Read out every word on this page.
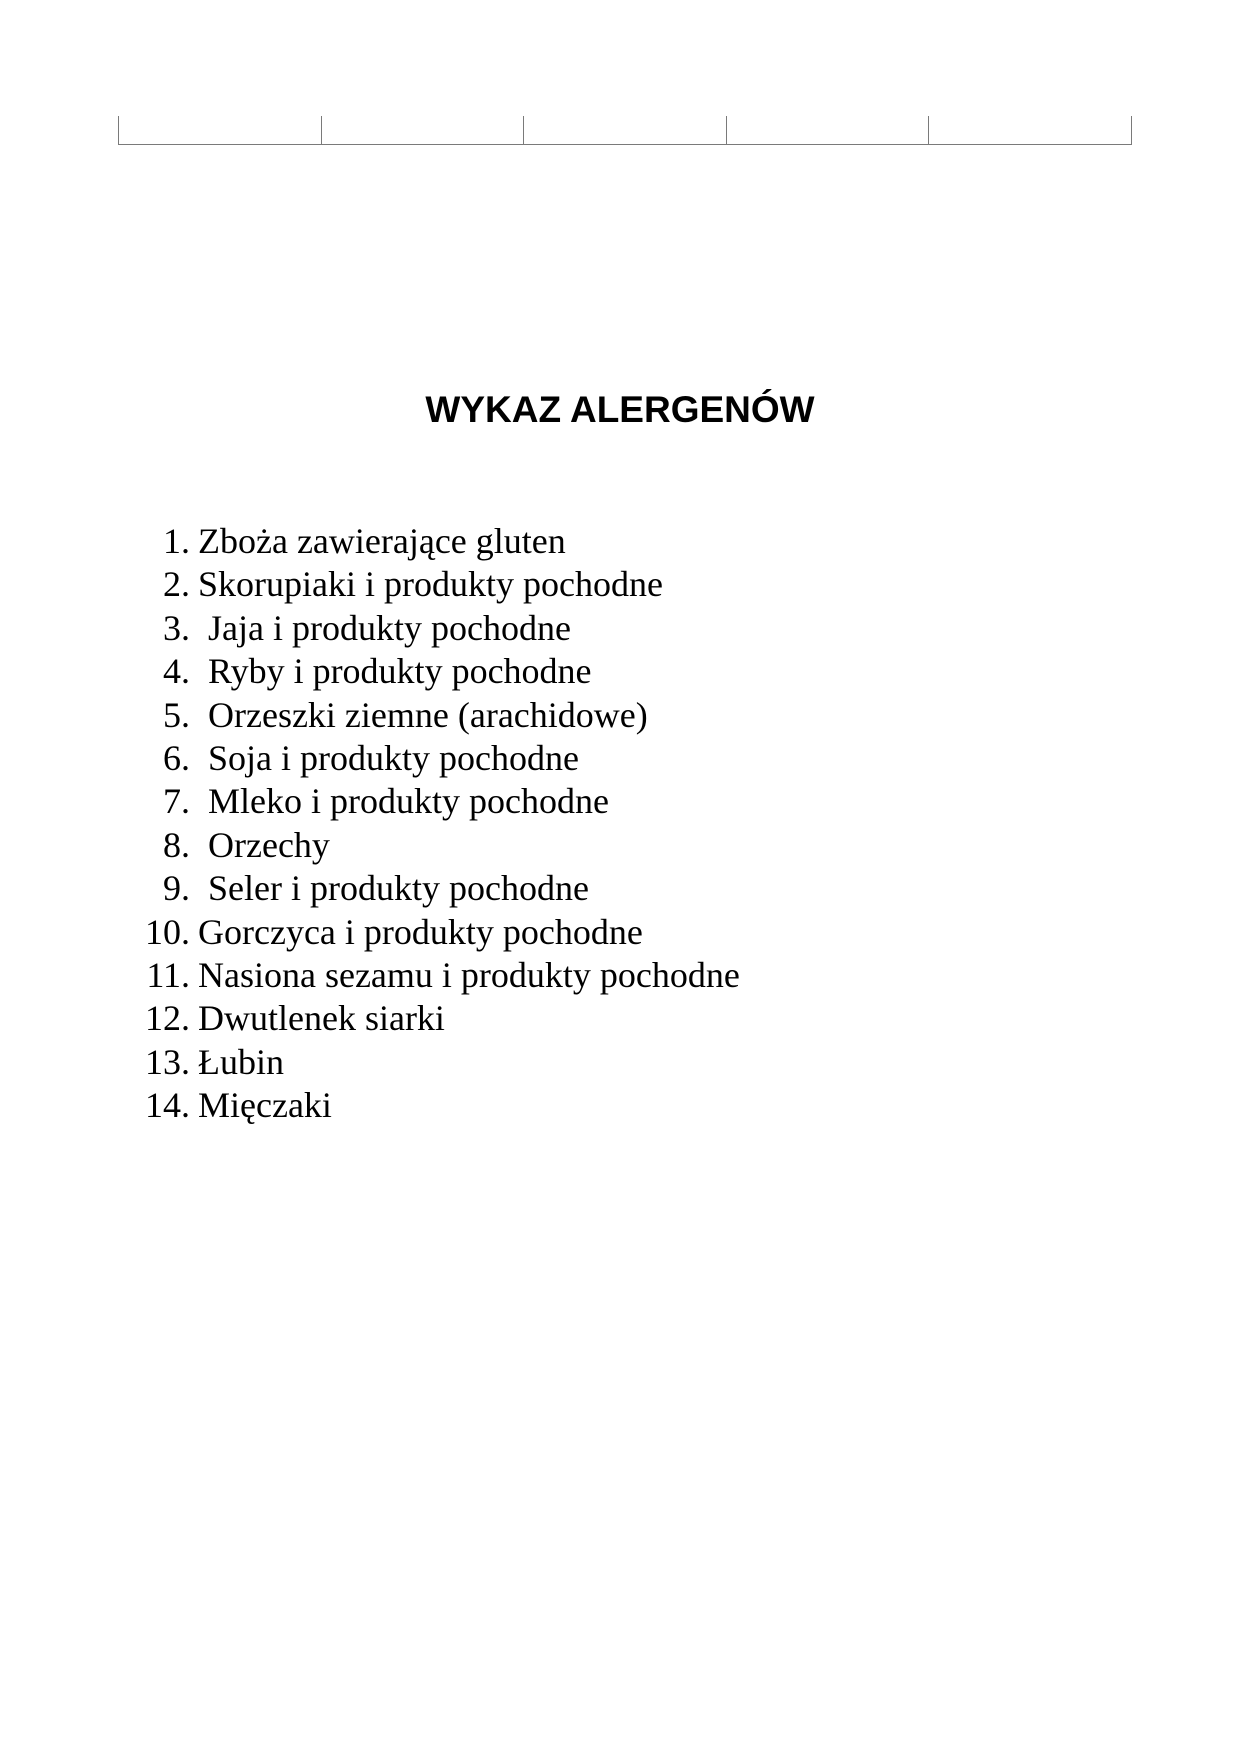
WYKAZ ALERGENÓW
1. Zboża zawierające gluten
2. Skorupiaki i produkty pochodne
3. Jaja i produkty pochodne
4. Ryby i produkty pochodne
5. Orzeszki ziemne (arachidowe)
6. Soja i produkty pochodne
7. Mleko i produkty pochodne
8. Orzechy
9. Seler i produkty pochodne
10. Gorczyca i produkty pochodne
11. Nasiona sezamu i produkty pochodne
12. Dwutlenek siarki
13. Łubin
14. Mięczaki
